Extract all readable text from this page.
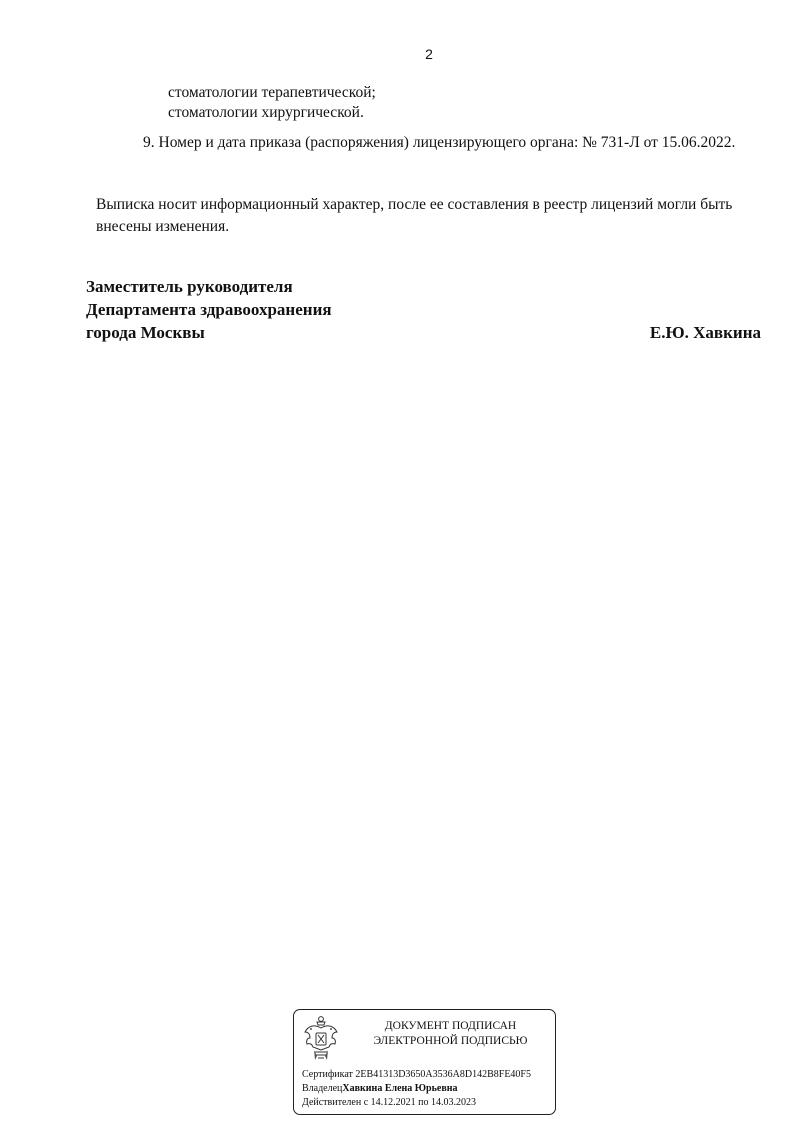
2

стоматологии терапевтической;

стоматологии хирургической.

9. Номер и дата приказа (распоряжения) лицензирующего органа: № 731-Л от 15.06.2022.

Выписка носит информационный характер, после ее составления в реестр лицензий могли быть внесены изменения.

Заместитель руководителя
Департамента здравоохранения
города Москвы	Е.Ю. Хавкина

ДОКУМЕНТ ПОДПИСАН
ЭЛЕКТРОННОЙ ПОДПИСЬЮ

Сертификат 2EB41313D3650A3536A8D142B8FE40F5

ВладелецХавкина Елена Юрьевна

Действителен с 14.12.2021 по 14.03.2023
